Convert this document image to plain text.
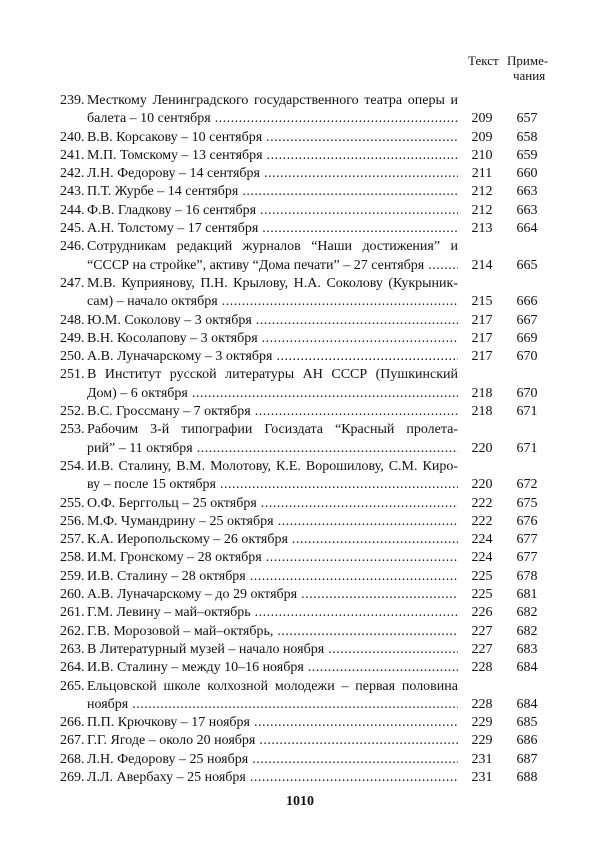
Текст Приме-
чания
239. Месткому Ленинградского государственного театра оперы и
балета – 10 сентября .....	209 657
240. В.В. Корсакову – 10 сентября .....	209 658
241. М.П. Томскому – 13 сентября .....	210 659
242. Л.Н. Федорову – 14 сентября .....	211 660
243. П.Т. Журбе – 14 сентября .....	212 663
244. Ф.В. Гладкову – 16 сентября .....	212 663
245. А.Н. Толстому – 17 сентября .....	213 664
246. Сотрудникам редакций журналов “Наши достижения” и
“СССР на стройке”, активу “Дома печати” – 27 сентября .....	214 665
247. М.В. Куприянову, П.Н. Крылову, Н.А. Соколову (Кукрыник-
сам) – начало октября .....	215 666
248. Ю.М. Соколову – 3 октября .....	217 667
249. В.Н. Косолапову – 3 октября .....	217 669
250. А.В. Луначарскому – 3 октября .....	217 670
251. В Институт русской литературы АН СССР (Пушкинский
Дом) – 6 октября .....	218 670
252. В.С. Гроссману – 7 октября .....	218 671
253. Рабочим 3-й типографии Госиздата “Красный пролета-
рий” – 11 октября .....	220 671
254. И.В. Сталину, В.М. Молотову, К.Е. Ворошилову, С.М. Киро-
ву – после 15 октября .....	220 672
255. О.Ф. Берггольц – 25 октября .....	222 675
256. М.Ф. Чумандрину – 25 октября .....	222 676
257. К.А. Иеропольскому – 26 октября .....	224 677
258. И.М. Гронскому – 28 октября .....	224 677
259. И.В. Сталину – 28 октября .....	225 678
260. А.В. Луначарскому – до 29 октября .....	225 681
261. Г.М. Левину – май–октябрь .....	226 682
262. Г.В. Морозовой – май–октябрь, .....	227 682
263. В Литературный музей – начало ноября .....	227 683
264. И.В. Сталину – между 10–16 ноября .....	228 684
265. Ельцовской школе колхозной молодежи – первая половина
ноября .....	228 684
266. П.П. Крючкову – 17 ноября .....	229 685
267. Г.Г. Ягоде – около 20 ноября .....	229 686
268. Л.Н. Федорову – 25 ноября .....	231 687
269. Л.Л. Авербаху – 25 ноября .....	231 688
1010
